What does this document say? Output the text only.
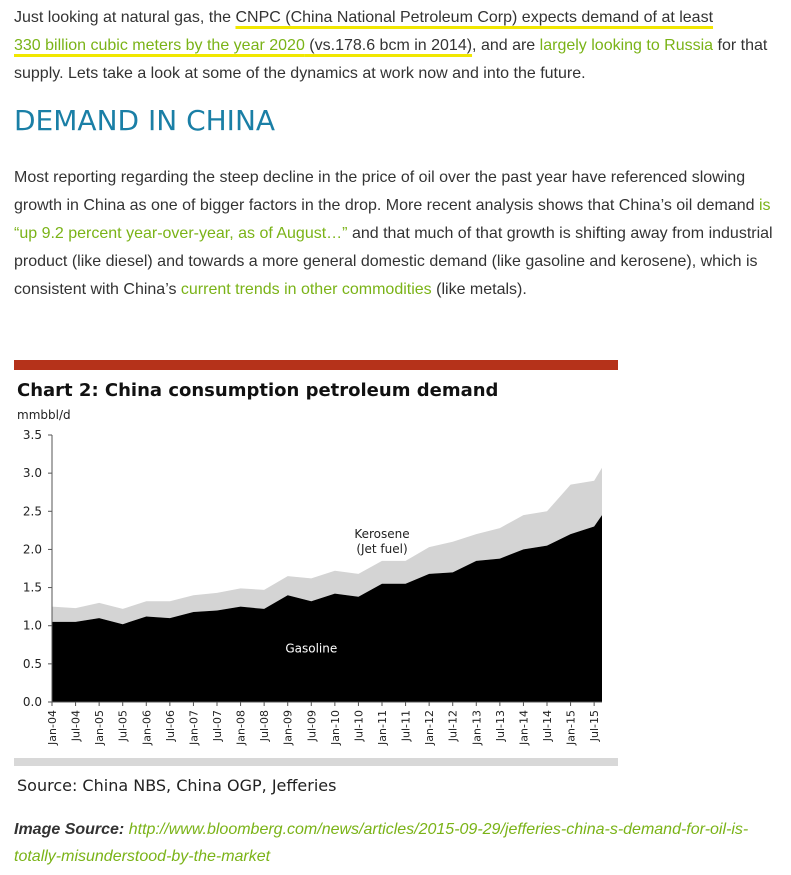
Just looking at natural gas, the CNPC (China National Petroleum Corp) expects demand of at least
330 billion cubic meters by the year 2020 (vs.178.6 bcm in 2014), and are largely looking to Russia for that supply. Lets take a look at some of the dynamics at work now and into the future.

DEMAND IN CHINA

Most reporting regarding the steep decline in the price of oil over the past year have referenced slowing growth in China as one of bigger factors in the drop. More recent analysis shows that China’s oil demand is “up 9.2 percent year-over-year, as of August…” and that much of that growth is shifting away from industrial product (like diesel) and towards a more general domestic demand (like gasoline and kerosene), which is consistent with China’s current trends in other commodities (like metals).

Chart 2: China consumption petroleum demand
mmbbl/d
0.0
0.5
1.0
1.5
2.0
2.5
3.0
3.5
Jan-04 Jul-04 Jan-05 Jul-05 Jan-06 Jul-06 Jan-07 Jul-07 Jan-08 Jul-08 Jan-09 Jul-09 Jan-10 Jul-10 Jan-11 Jul-11 Jan-12 Jul-12 Jan-13 Jul-13 Jan-14 Jul-14 Jan-15 Jul-15
Kerosene
(Jet fuel)
Gasoline
Source: China NBS, China OGP, Jefferies

Image Source: http://www.bloomberg.com/news/articles/2015-09-29/jefferies-china-s-demand-for-oil-is-totally-misunderstood-by-the-market
